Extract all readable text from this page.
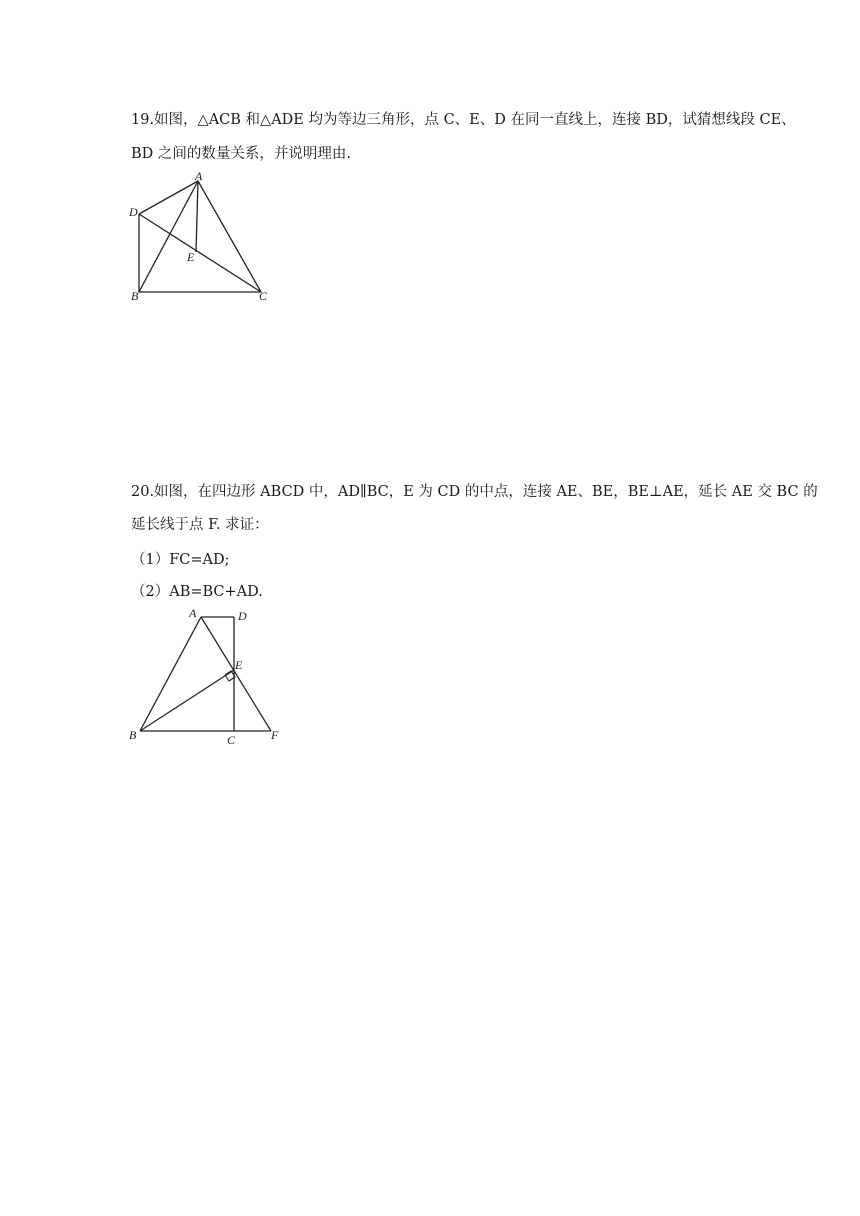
19.如图，△ACB 和△ADE 均为等边三角形，点 C、E、D 在同一直线上，连接 BD，试猜想线段 CE、
BD 之间的数量关系，并说明理由.
A
D
E
B	C
20.如图，在四边形 ABCD 中，AD∥BC，E 为 CD 的中点，连接 AE、BE，BE⊥AE，延长 AE 交 BC 的
延长线于点 F. 求证：
（1）FC=AD;
（2）AB=BC+AD.
A	D
E
B	C	F
